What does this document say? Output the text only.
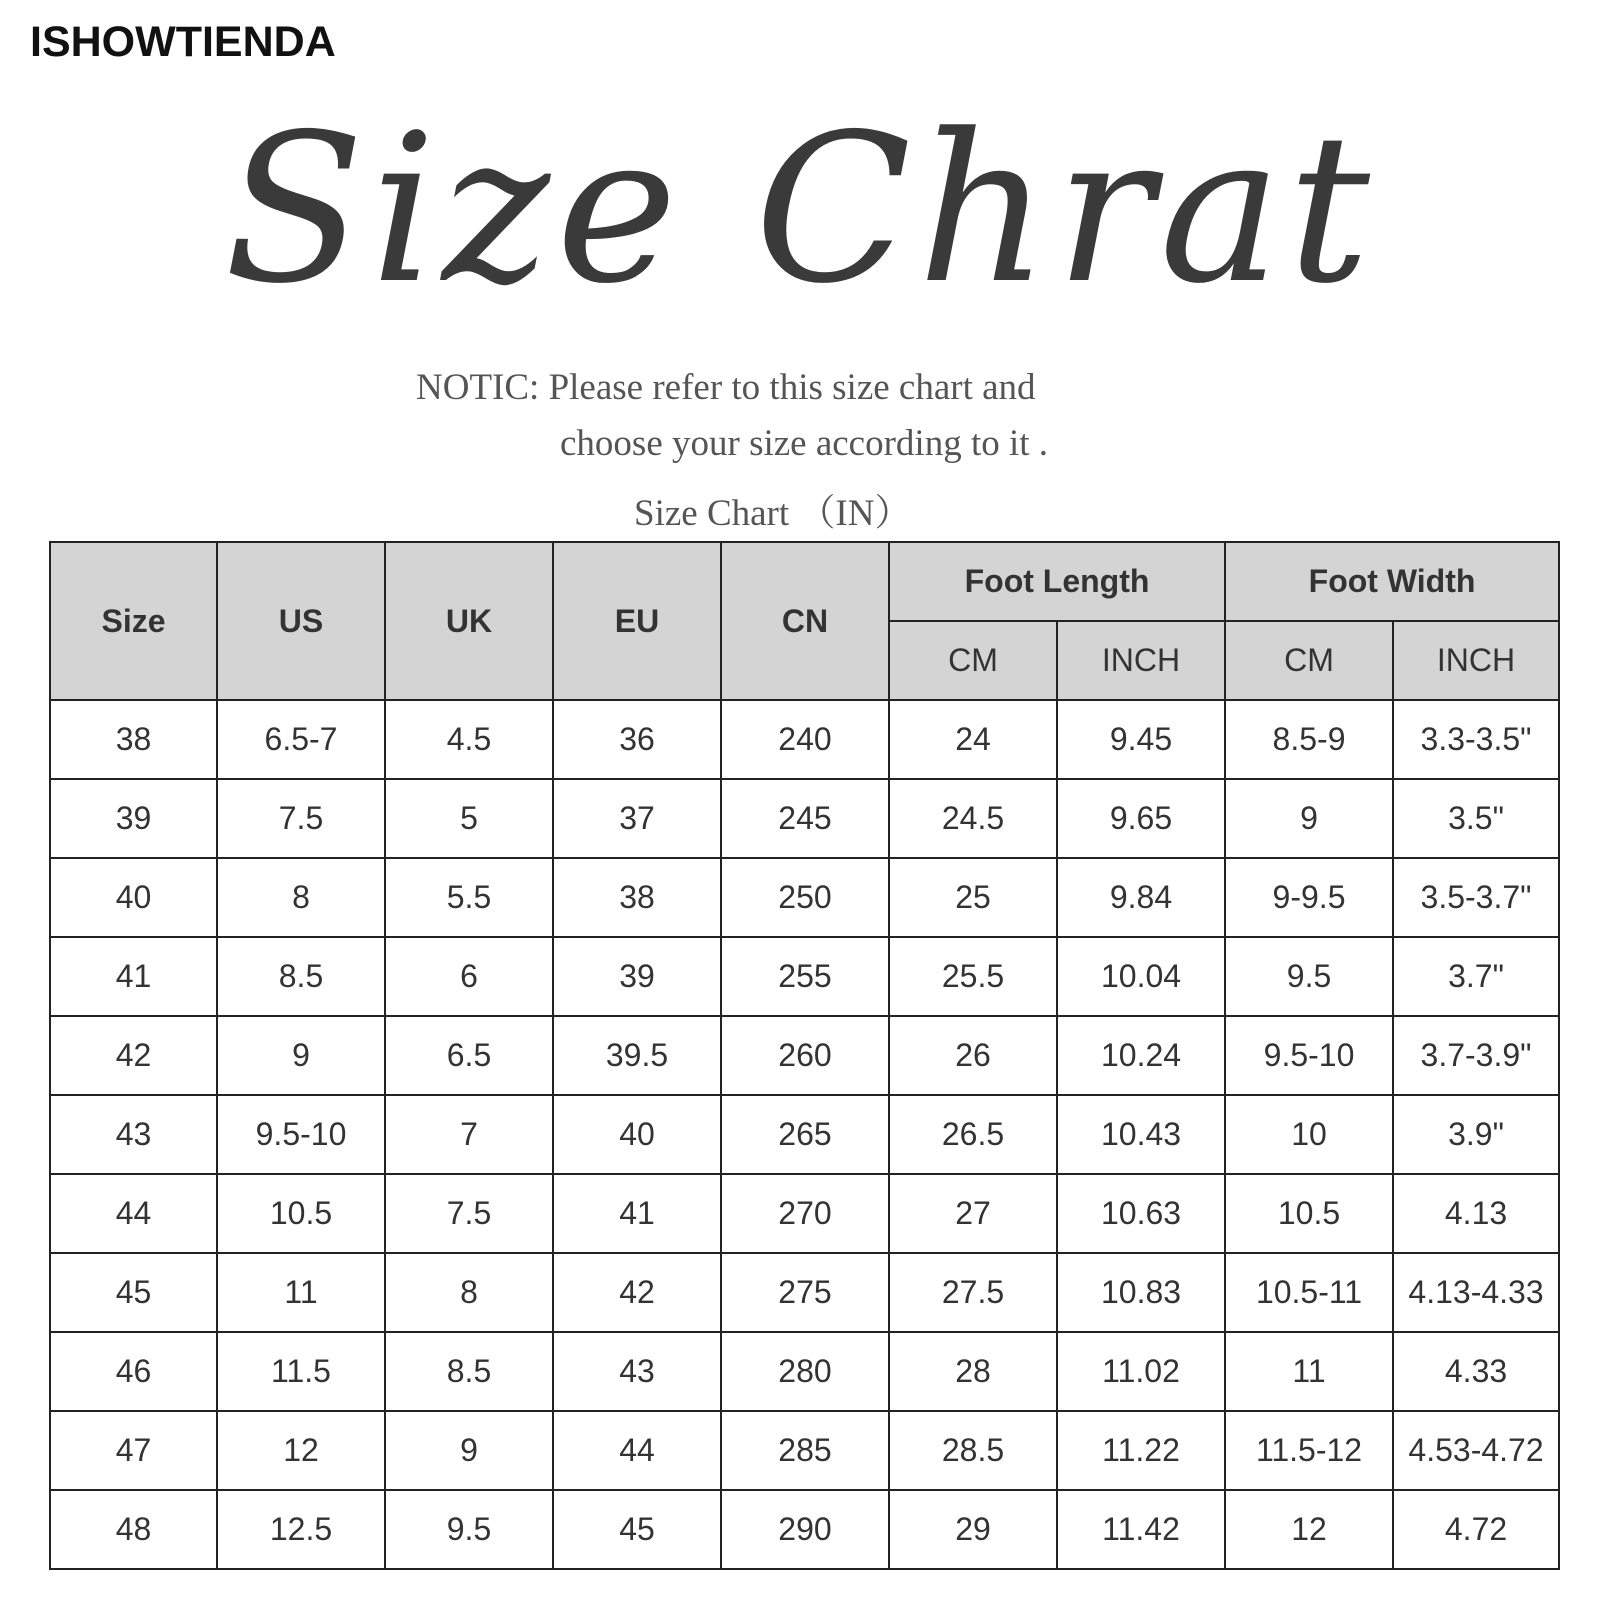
ISHOWTIENDA
Size Chrat
NOTIC: Please refer to this size chart and
choose your size according to it .
Size Chart （IN）
Size	US	UK	EU	CN	Foot Length		Foot Width	
					CM	INCH	CM	INCH
38	6.5-7	4.5	36	240	24	9.45	8.5-9	3.3-3.5"
39	7.5	5	37	245	24.5	9.65	9	3.5"
40	8	5.5	38	250	25	9.84	9-9.5	3.5-3.7"
41	8.5	6	39	255	25.5	10.04	9.5	3.7"
42	9	6.5	39.5	260	26	10.24	9.5-10	3.7-3.9"
43	9.5-10	7	40	265	26.5	10.43	10	3.9"
44	10.5	7.5	41	270	27	10.63	10.5	4.13
45	11	8	42	275	27.5	10.83	10.5-11	4.13-4.33
46	11.5	8.5	43	280	28	11.02	11	4.33
47	12	9	44	285	28.5	11.22	11.5-12	4.53-4.72
48	12.5	9.5	45	290	29	11.42	12	4.72
